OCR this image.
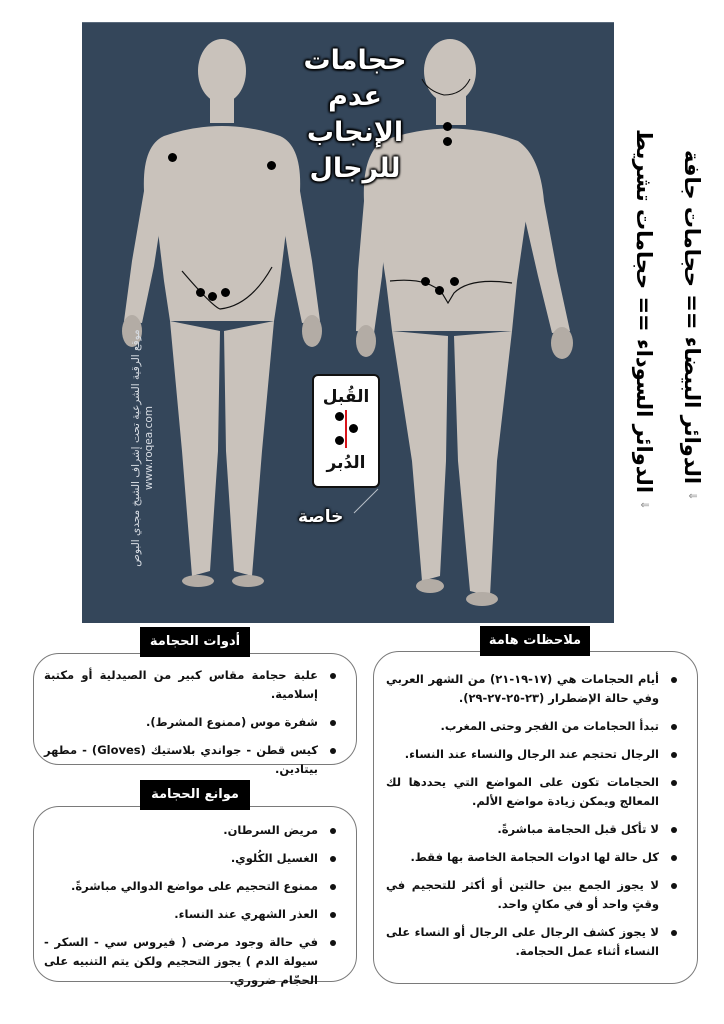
حجامات
عدم الإنجاب
للرجال
موقع الرقية الشرعية تحت إشراف الشيخ مجدي البوص www.roqea.com
القُبل
الدُبر
خاصة
⇓ الدوائر السوداء == حجامات تشريط
⇓ الدوائر البيضاء == حجامات جافة
ملاحظات هامة
أيام الحجامات هي (١٧-١٩-٢١) من الشهر العربي وفي حالة الإضطرار (٢٣-٢٥-٢٧-٢٩).
تبدأ الحجامات من الفجر وحتى المغرب.
الرجال تحتجم عند الرجال والنساء عند النساء.
الحجامات تكون على المواضع التي يحددها لك المعالج ويمكن زيادة مواضع الألم.
لا تأكل قبل الحجامة مباشرةً.
كل حالة لها ادوات الحجامة الخاصة بها فقط.
لا يجوز الجمع بين حالتين أو أكثر للتحجيم في وقتٍ واحد أو في مكانٍ واحد.
لا يجوز كشف الرجال على الرجال أو النساء على النساء أثناء عمل الحجامة.
أدوات الحجامة
علبة حجامة مقاس كبير من الصيدلية أو مكتبة إسلامية.
شفرة موس (ممنوع المشرط).
كيس قطن - جواندي بلاستيك (Gloves) - مطهر بيتادين.
موانع الحجامة
مريض السرطان.
الغسيل الكُلوي.
ممنوع التحجيم على مواضع الدوالي مباشرةً.
العذر الشهري عند النساء.
في حالة وجود مرضى ( فيروس سي - السكر - سيولة الدم ) يجوز التحجيم ولكن يتم التنبيه على الحجّام ضروري.
